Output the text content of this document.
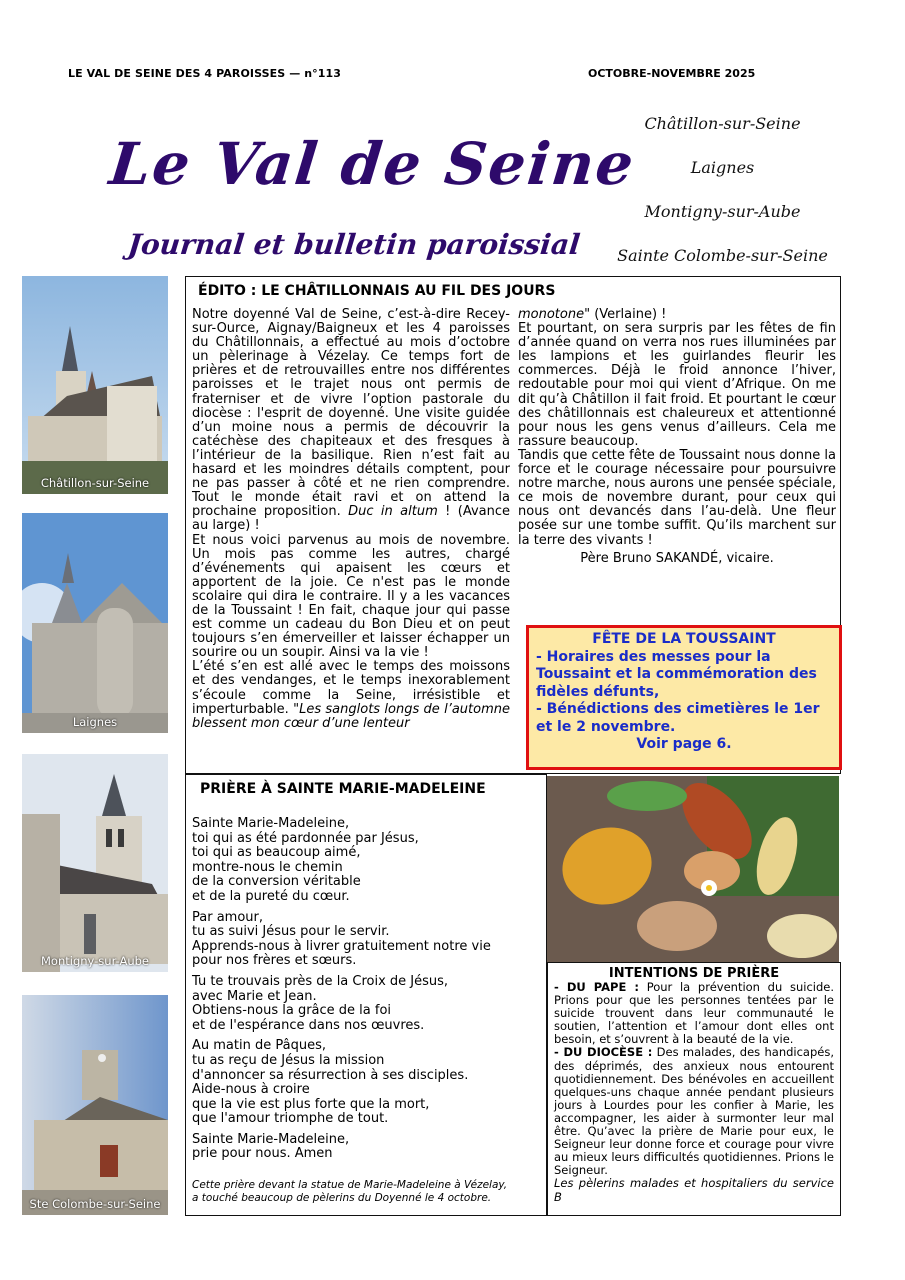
LE VAL DE SEINE DES 4 PAROISSES — n°113	OCTOBRE-NOVEMBRE 2025
Le Val de Seine
Journal et bulletin paroissial
Châtillon-sur-Seine
Laignes
Montigny-sur-Aube
Sainte Colombe-sur-Seine
Châtillon-sur-Seine
Laignes
Montigny-sur-Aube
Ste Colombe-sur-Seine
ÉDITO : LE CHÂTILLONNAIS AU FIL DES JOURS

Notre doyenné Val de Seine, c’est-à-dire Recey-sur-Ource, Aignay/Baigneux et les 4 paroisses du Châtillonnais, a effectué au mois d’octobre un pèlerinage à Vézelay. Ce temps fort de prières et de retrouvailles entre nos différentes paroisses et le trajet nous ont permis de fraterniser et de vivre l’option pastorale du diocèse : l'esprit de doyenné. Une visite guidée d’un moine nous a permis de découvrir la catéchèse des chapiteaux et des fresques à l’intérieur de la basilique. Rien n’est fait au hasard et les moindres détails comptent, pour ne pas passer à côté et ne rien comprendre. Tout le monde était ravi et on attend la prochaine proposition. Duc in altum ! (Avance au large) !

Et nous voici parvenus au mois de novembre. Un mois pas comme les autres, chargé d’événements qui apaisent les cœurs et apportent de la joie. Ce n'est pas le monde scolaire qui dira le contraire. Il y a les vacances de la Toussaint ! En fait, chaque jour qui passe est comme un cadeau du Bon Dieu et on peut toujours s’en émerveiller et laisser échapper un sourire ou un soupir. Ainsi va la vie !

L’été s’en est allé avec le temps des moissons et des vendanges, et le temps inexorablement s’écoule comme la Seine, irrésistible et imperturbable. "Les sanglots longs de l’automne blessent mon cœur d’une lenteur

monotone" (Verlaine) !

Et pourtant, on sera surpris par les fêtes de fin d’année quand on verra nos rues illuminées par les lampions et les guirlandes fleurir les commerces. Déjà le froid annonce l’hiver, redoutable pour moi qui vient d’Afrique. On me dit qu’à Châtillon il fait froid. Et pourtant le cœur des châtillonnais est chaleureux et attentionné pour nous les gens venus d’ailleurs. Cela me rassure beaucoup.

Tandis que cette fête de Toussaint nous donne la force et le courage nécessaire pour poursuivre notre marche, nous aurons une pensée spéciale, ce mois de novembre durant, pour ceux qui nous ont devancés dans l’au-delà. Une fleur posée sur une tombe suffit. Qu’ils marchent sur la terre des vivants !

Père Bruno SAKANDÉ, vicaire.

FÊTE DE LA TOUSSAINT
- Horaires des messes pour la Toussaint et la commémoration des fidèles défunts,
- Bénédictions des cimetières le 1er et le 2 novembre.
Voir page 6.
PRIÈRE À SAINTE MARIE-MADELEINE
Sainte Marie-Madeleine,
toi qui as été pardonnée par Jésus,
toi qui as beaucoup aimé,
montre-nous le chemin
de la conversion véritable
et de la pureté du cœur.
Par amour,
tu as suivi Jésus pour le servir.
Apprends-nous à livrer gratuitement notre vie
pour nos frères et sœurs.
Tu te trouvais près de la Croix de Jésus,
avec Marie et Jean.
Obtiens-nous la grâce de la foi
et de l'espérance dans nos œuvres.
Au matin de Pâques,
tu as reçu de Jésus la mission
d'annoncer sa résurrection à ses disciples.
Aide-nous à croire
que la vie est plus forte que la mort,
que l'amour triomphe de tout.
Sainte Marie-Madeleine,
prie pour nous. Amen
Cette prière devant la statue de Marie-Madeleine à Vézelay,
a touché beaucoup de pèlerins du Doyenné le 4 octobre.
INTENTIONS DE PRIÈRE
- DU PAPE : Pour la prévention du suicide. Prions pour que les personnes tentées par le suicide trouvent dans leur communauté le soutien, l’attention et l’amour dont elles ont besoin, et s’ouvrent à la beauté de la vie.
- DU DIOCÈSE : Des malades, des handicapés, des déprimés, des anxieux nous entourent quotidiennement. Des bénévoles en accueillent quelques-uns chaque année pendant plusieurs jours à Lourdes pour les confier à Marie, les accompagner, les aider à surmonter leur mal être. Qu’avec la prière de Marie pour eux, le Seigneur leur donne force et courage pour vivre au mieux leurs difficultés quotidiennes. Prions le Seigneur.
Les pèlerins malades et hospitaliers du service B
